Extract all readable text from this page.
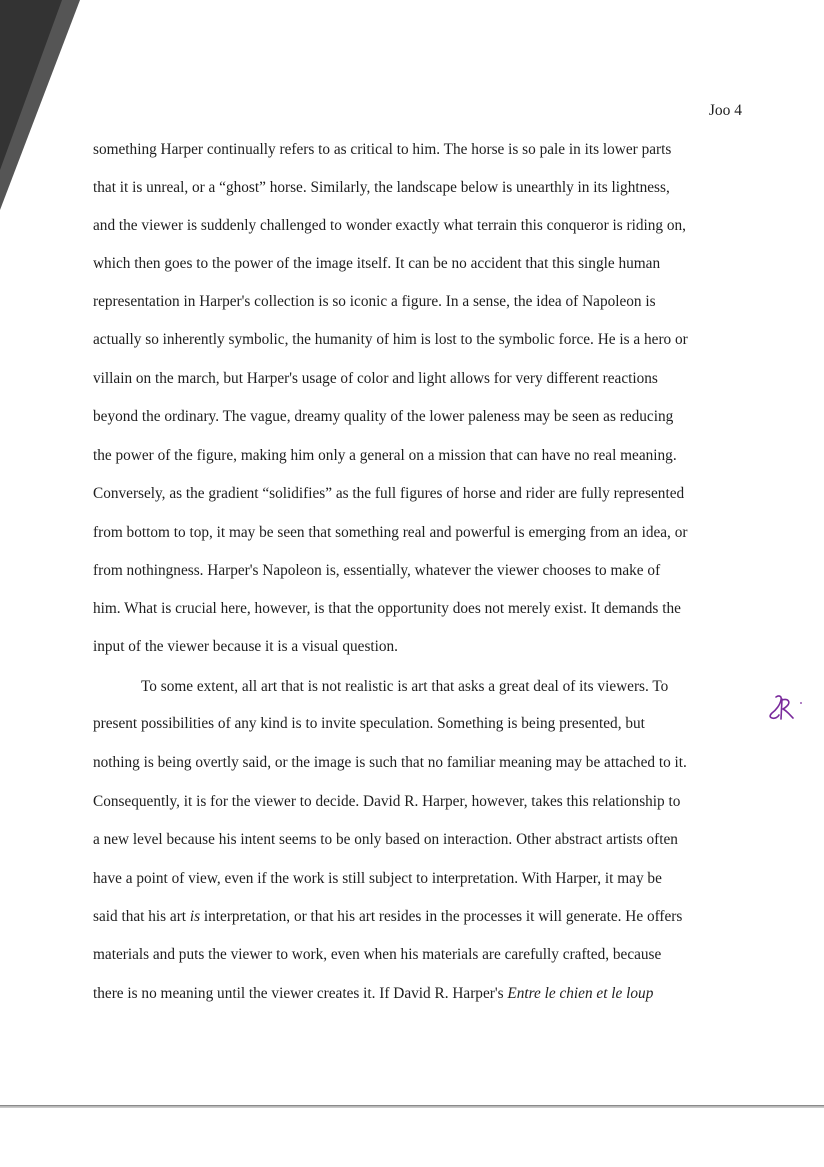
Joo 4

something Harper continually refers to as critical to him. The horse is so pale in its lower parts

that it is unreal, or a “ghost” horse. Similarly, the landscape below is unearthly in its lightness,

and the viewer is suddenly challenged to wonder exactly what terrain this conqueror is riding on,

which then goes to the power of the image itself. It can be no accident that this single human

representation in Harper's collection is so iconic a figure. In a sense, the idea of Napoleon is

actually so inherently symbolic, the humanity of him is lost to the symbolic force. He is a hero or

villain on the march, but Harper's usage of color and light allows for very different reactions

beyond the ordinary. The vague, dreamy quality of the lower paleness may be seen as reducing

the power of the figure, making him only a general on a mission that can have no real meaning.

Conversely, as the gradient “solidifies” as the full figures of horse and rider are fully represented

from bottom to top, it may be seen that something real and powerful is emerging from an idea, or

from nothingness. Harper's Napoleon is, essentially, whatever the viewer chooses to make of

him. What is crucial here, however, is that the opportunity does not merely exist. It demands the

input of the viewer because it is a visual question.

To some extent, all art that is not realistic is art that asks a great deal of its viewers. To

present possibilities of any kind is to invite speculation. Something is being presented, but

nothing is being overtly said, or the image is such that no familiar meaning may be attached to it.

Consequently, it is for the viewer to decide. David R. Harper, however, takes this relationship to

a new level because his intent seems to be only based on interaction. Other abstract artists often

have a point of view, even if the work is still subject to interpretation. With Harper, it may be

said that his art is interpretation, or that his art resides in the processes it will generate. He offers

materials and puts the viewer to work, even when his materials are carefully crafted, because

there is no meaning until the viewer creates it. If David R. Harper's Entre le chien et le loup
